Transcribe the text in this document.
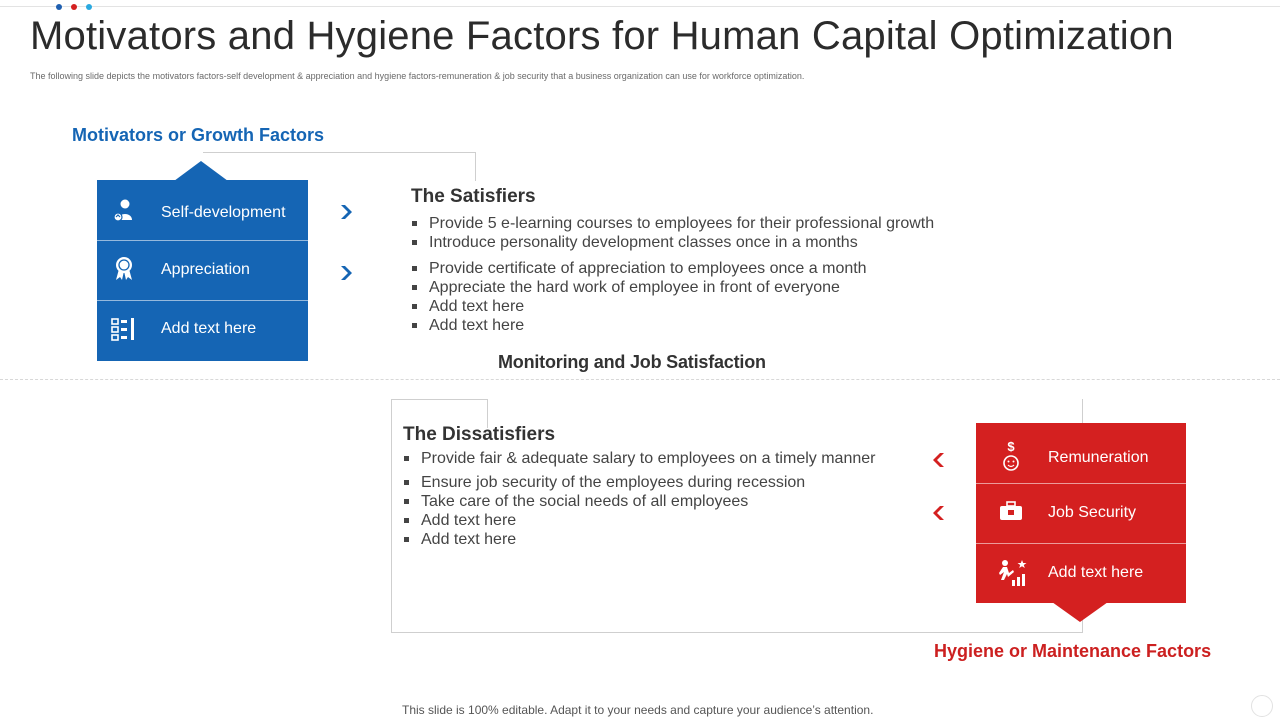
Motivators and Hygiene Factors for Human Capital Optimization
The following slide depicts the motivators factors-self development & appreciation and hygiene factors-remuneration & job security that a business organization can use for workforce optimization.
Motivators or Growth Factors
Self-development
Appreciation
Add text here
The Satisfiers
Provide 5 e-learning courses to employees for their professional growth
Introduce personality development classes once in a months
Provide certificate of appreciation to employees once a month
Appreciate the hard work of employee in front of everyone
Add text here
Add text here
Monitoring and Job Satisfaction
The Dissatisfiers
Provide fair & adequate salary to employees on a timely manner
Ensure job security of the employees during recession
Take care of the social needs of all employees
Add text here
Add text here
$
Remuneration
Job Security
Add text here
Hygiene or Maintenance Factors
This slide is 100% editable. Adapt it to your needs and capture your audience’s attention.
